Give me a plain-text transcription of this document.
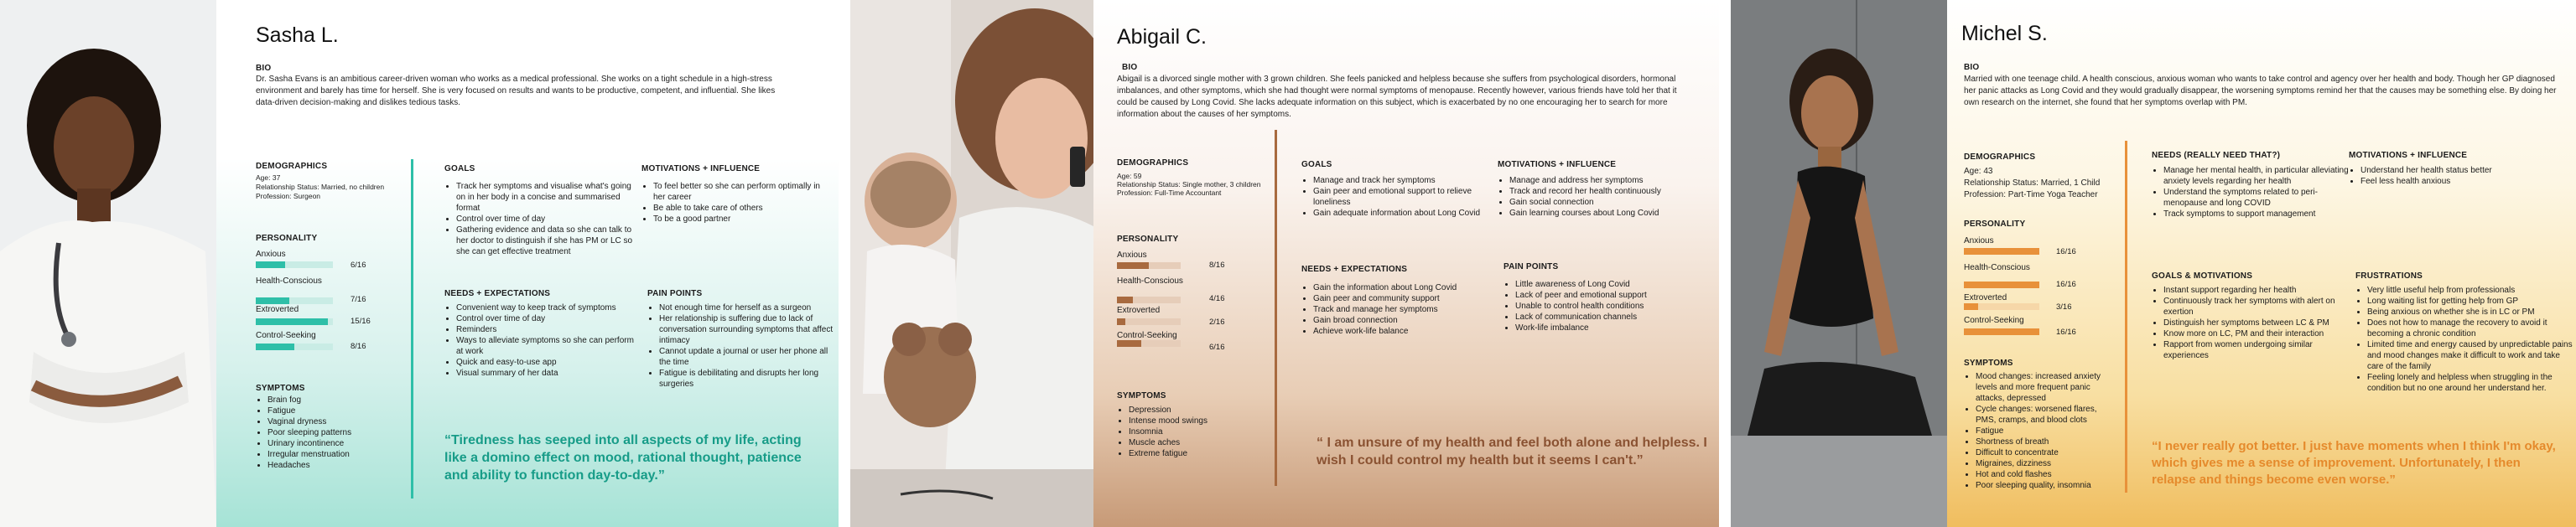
Sasha L.
BIO
Dr. Sasha Evans is an ambitious career-driven woman who works as a medical professional. She works on a tight schedule in a high-stress environment and barely has time for herself. She is very focused on results and wants to be productive, competent, and influential. She likes data-driven decision-making and dislikes tedious tasks.
DEMOGRAPHICS
Age: 37
Relationship Status: Married, no children
Profession: Surgeon
PERSONALITY
Anxious
6/16
Health-Conscious
7/16
Extroverted
15/16
Control-Seeking
8/16
SYMPTOMS
• Brain fog
• Fatigue
• Vaginal dryness
• Poor sleeping patterns
• Urinary incontinence
• Irregular menstruation
• Headaches
GOALS
• Track her symptoms and visualise what's going on in her body in a concise and summarised format
• Control over time of day
• Gathering evidence and data so she can talk to her doctor to distinguish if she has PM or LC so she can get effective treatment
MOTIVATIONS + INFLUENCE
• To feel better so she can perform optimally in her career
• Be able to take care of others
• To be a good partner
NEEDS + EXPECTATIONS
• Convenient way to keep track of symptoms
• Control over time of day
• Reminders
• Ways to alleviate symptoms so she can perform at work
• Quick and easy-to-use app
• Visual summary of her data
PAIN POINTS
• Not enough time for herself as a surgeon
• Her relationship is suffering due to lack of conversation surrounding symptoms that affect intimacy
• Cannot update a journal or user her phone all the time
• Fatigue is debilitating and disrupts her long surgeries
“Tiredness has seeped into all aspects of my life, acting like a domino effect on mood, rational thought, patience and ability to function day-to-day.”
Abigail C.
BIO
Abigail is a divorced single mother with 3 grown children. She feels panicked and helpless because she suffers from psychological disorders, hormonal imbalances, and other symptoms, which she had thought were normal symptoms of menopause. Recently however, various friends have told her that it could be caused by Long Covid. She lacks adequate information on this subject, which is exacerbated by no one encouraging her to search for more information about the causes of her symptoms.
DEMOGRAPHICS
Age: 59
Relationship Status: Single mother, 3 children
Profession: Full-Time Accountant
PERSONALITY
Anxious
8/16
Health-Conscious
4/16
Extroverted
2/16
Control-Seeking
6/16
SYMPTOMS
• Depression
• Intense mood swings
• Insomnia
• Muscle aches
• Extreme fatigue
GOALS
• Manage and track her symptoms
• Gain peer and emotional support to relieve loneliness
• Gain adequate information about Long Covid
MOTIVATIONS + INFLUENCE
• Manage and address her symptoms
• Track and record her health continuously
• Gain social connection
• Gain learning courses about Long Covid
NEEDS + EXPECTATIONS
• Gain the information about Long Covid
• Gain peer and community support
• Track and manage her symptoms
• Gain broad connection
• Achieve work-life balance
PAIN POINTS
• Little awareness of Long Covid
• Lack of peer and emotional support
• Unable to control health conditions
• Lack of communication channels
• Work-life imbalance
“ I am unsure of my health and feel both alone and helpless. I wish I could control my health but it seems I can't.”
Michel S.
BIO
Married with one teenage child. A health conscious, anxious woman who wants to take control and agency over her health and body. Though her GP diagnosed her panic attacks as Long Covid and they would gradually disappear, the worsening symptoms remind her that the causes may be something else. By doing her own research on the internet, she found that her symptoms overlap with PM.
DEMOGRAPHICS
Age: 43
Relationship Status: Married, 1 Child
Profession: Part-Time Yoga Teacher
PERSONALITY
Anxious
16/16
Health-Conscious
16/16
Extroverted
3/16
Control-Seeking
16/16
SYMPTOMS
• Mood changes: increased anxiety levels and more frequent panic attacks, depressed
• Cycle changes: worsened flares, PMS, cramps, and blood clots
• Fatigue
• Shortness of breath
• Difficult to concentrate
• Migraines, dizziness
• Hot and cold flashes
• Poor sleeping quality, insomnia
NEEDS (REALLY NEED THAT?)
• Manage her mental health, in particular alleviating anxiety levels regarding her health
• Understand the symptoms related to peri-menopause and long COVID
• Track symptoms to support management
MOTIVATIONS + INFLUENCE
• Understand her health status better
• Feel less health anxious
GOALS & MOTIVATIONS
• Instant support regarding her health
• Continuously track her symptoms with alert on exertion
• Distinguish her symptoms between LC & PM
• Know more on LC, PM and their interaction
• Rapport from women undergoing similar experiences
FRUSTRATIONS
• Very little useful help from professionals
• Long waiting list for getting help from GP
• Being anxious on whether she is in LC or PM
• Does not how to manage the recovery to avoid it becoming a chronic condition
• Limited time and energy caused by unpredictable pains and mood changes make it difficult to work and take care of the family
• Feeling lonely and helpless when struggling in the condition but no one around her understand her.
“I never really got better. I just have moments when I think I'm okay, which gives me a sense of improvement. Unfortunately, I then relapse and things become even worse.”
